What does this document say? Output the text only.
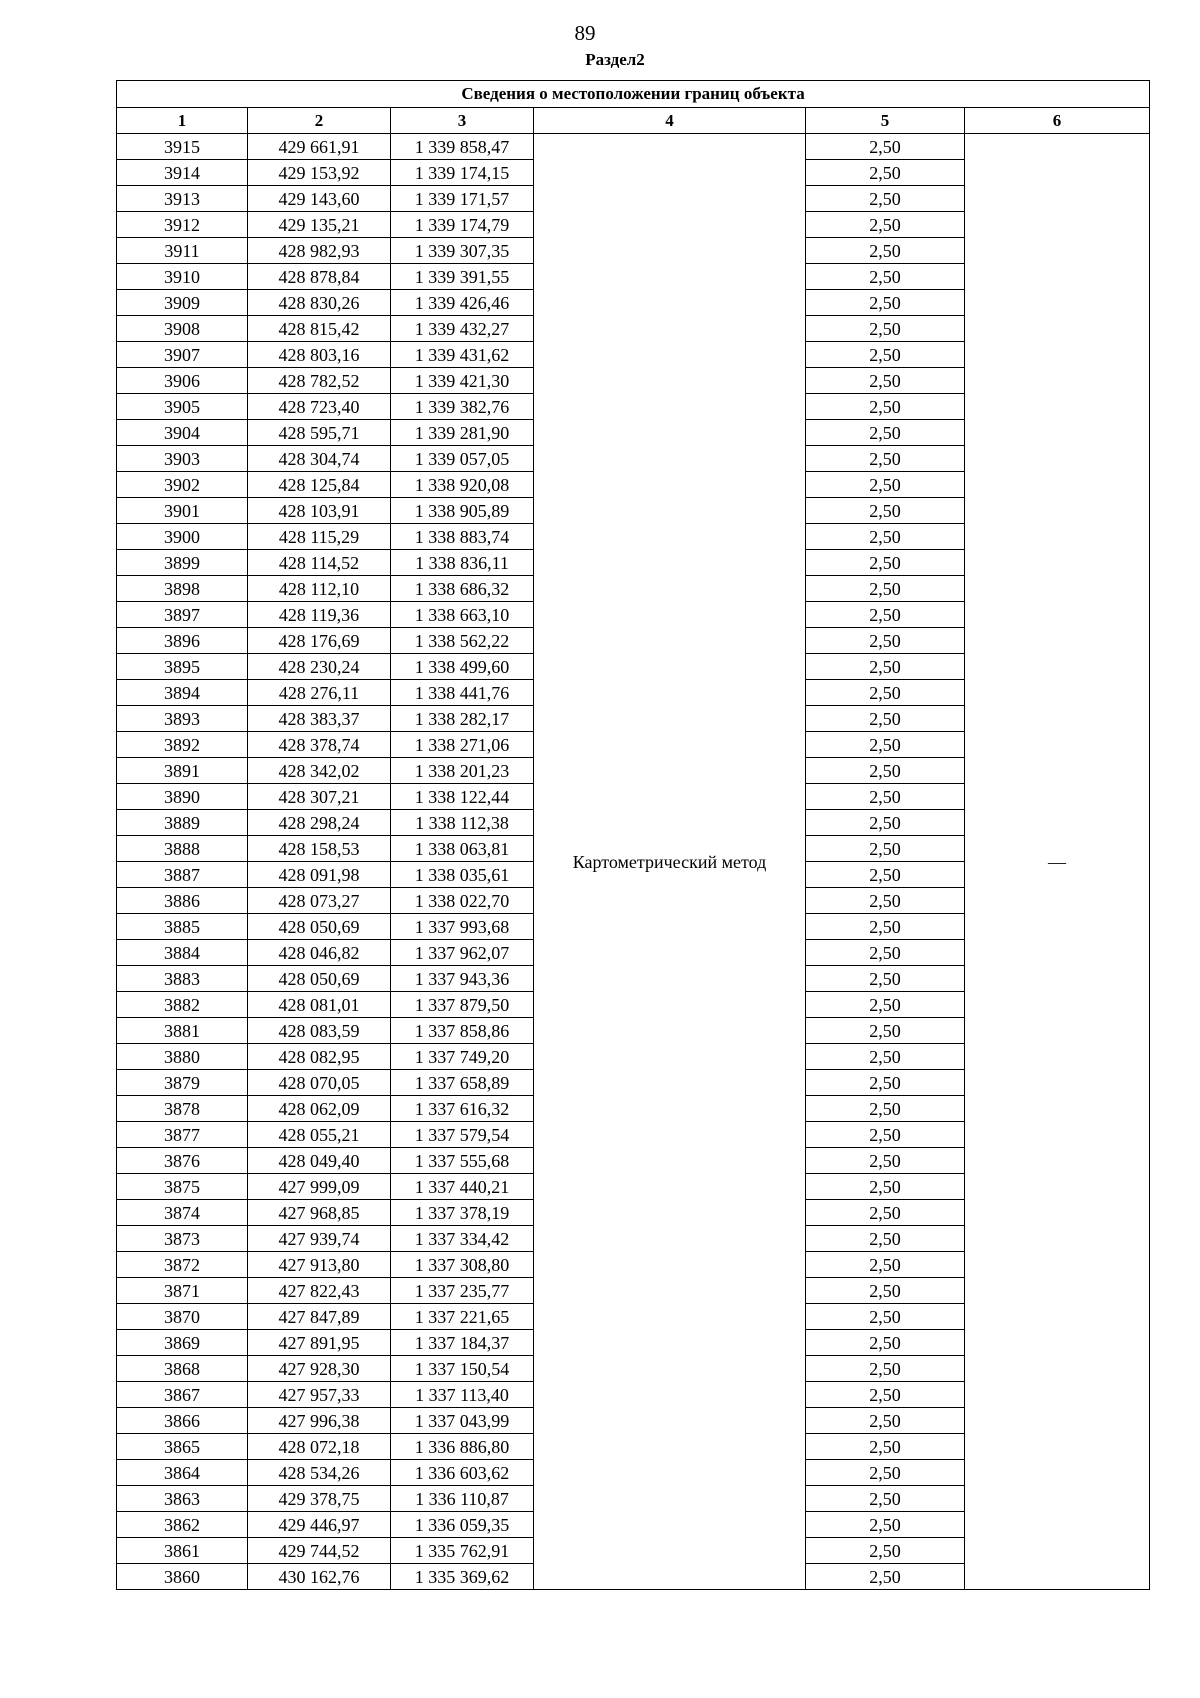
89
Раздел2
Сведения о местоположении границ объекта					
1	2	3	4	5	6
3915	429 661,91	1 339 858,47	Картометрический метод	2,50	—
3914	429 153,92	1 339 174,15		2,50	
3913	429 143,60	1 339 171,57		2,50	
3912	429 135,21	1 339 174,79		2,50	
3911	428 982,93	1 339 307,35		2,50	
3910	428 878,84	1 339 391,55		2,50	
3909	428 830,26	1 339 426,46		2,50	
3908	428 815,42	1 339 432,27		2,50	
3907	428 803,16	1 339 431,62		2,50	
3906	428 782,52	1 339 421,30		2,50	
3905	428 723,40	1 339 382,76		2,50	
3904	428 595,71	1 339 281,90		2,50	
3903	428 304,74	1 339 057,05		2,50	
3902	428 125,84	1 338 920,08		2,50	
3901	428 103,91	1 338 905,89		2,50	
3900	428 115,29	1 338 883,74		2,50	
3899	428 114,52	1 338 836,11		2,50	
3898	428 112,10	1 338 686,32		2,50	
3897	428 119,36	1 338 663,10		2,50	
3896	428 176,69	1 338 562,22		2,50	
3895	428 230,24	1 338 499,60		2,50	
3894	428 276,11	1 338 441,76		2,50	
3893	428 383,37	1 338 282,17		2,50	
3892	428 378,74	1 338 271,06		2,50	
3891	428 342,02	1 338 201,23		2,50	
3890	428 307,21	1 338 122,44		2,50	
3889	428 298,24	1 338 112,38		2,50	
3888	428 158,53	1 338 063,81		2,50	
3887	428 091,98	1 338 035,61		2,50	
3886	428 073,27	1 338 022,70		2,50	
3885	428 050,69	1 337 993,68		2,50	
3884	428 046,82	1 337 962,07		2,50	
3883	428 050,69	1 337 943,36		2,50	
3882	428 081,01	1 337 879,50		2,50	
3881	428 083,59	1 337 858,86		2,50	
3880	428 082,95	1 337 749,20		2,50	
3879	428 070,05	1 337 658,89		2,50	
3878	428 062,09	1 337 616,32		2,50	
3877	428 055,21	1 337 579,54		2,50	
3876	428 049,40	1 337 555,68		2,50	
3875	427 999,09	1 337 440,21		2,50	
3874	427 968,85	1 337 378,19		2,50	
3873	427 939,74	1 337 334,42		2,50	
3872	427 913,80	1 337 308,80		2,50	
3871	427 822,43	1 337 235,77		2,50	
3870	427 847,89	1 337 221,65		2,50	
3869	427 891,95	1 337 184,37		2,50	
3868	427 928,30	1 337 150,54		2,50	
3867	427 957,33	1 337 113,40		2,50	
3866	427 996,38	1 337 043,99		2,50	
3865	428 072,18	1 336 886,80		2,50	
3864	428 534,26	1 336 603,62		2,50	
3863	429 378,75	1 336 110,87		2,50	
3862	429 446,97	1 336 059,35		2,50	
3861	429 744,52	1 335 762,91		2,50	
3860	430 162,76	1 335 369,62		2,50	
